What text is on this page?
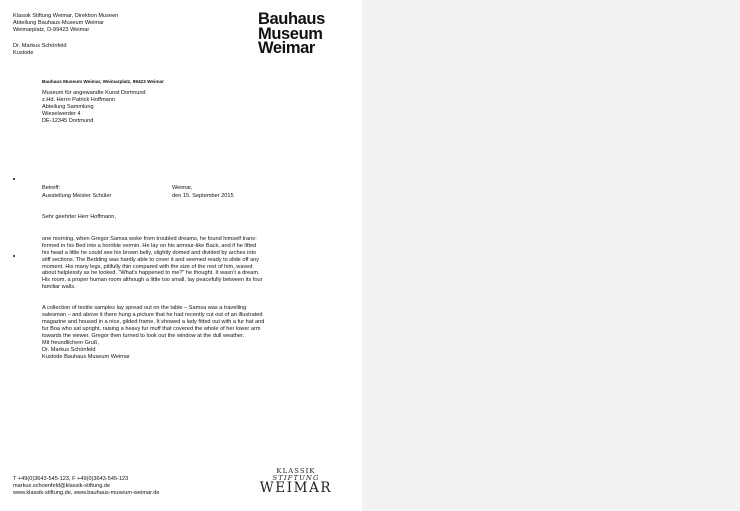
Klassik Stiftung Weimar, Direktion Museen
Abteilung Bauhaus-Museum Weimar
Weimarplatz, D-99423 Weimar
Dr. Markus Schönfeld
Kustode
Bauhaus
Museum
Weimar
Bauhaus Museum Weimar, Weimarplatz, 99423 Weimar
Museum für angewandte Kunst Dortmund
z.Hd. Herrn Patrick Hoffmann
Abteilung Sammlung
Wieselwerder 4
DE-12345 Dortmund
Betreff:
Ausstellung Meister Schüler
Weimar,
den 15. September 2015
Sehr geehrter Herr Hoffmann,

one morning, when Gregor Samsa woke from troubled dreams, he found himself trans-
formed in his Bed into a horrible vermin. He lay on his armour-like Back, and if he lifted
his head a little he could see his brown belly, slightly domed and divided by arches into
stiff sections. The Bedding was hardly able to cover it and seemed ready to slide off any
moment. His many legs, pitifully thin compared with the size of the rest of him, waved
about helplessly as he looked. “What’s happened to me?” he thought. It wasn’t a dream.
His room, a proper human room although a little too small, lay peacefully between its four
familiar walls.

A collection of textile samples lay spread out on the table – Samsa was a travelling
salesman – and above it there hung a picture that he had recently cut out of an illustrated
magazine and housed in a nice, gilded frame. It showed a lady fitted out with a fur hat and
fur Boa who sat upright, raising a heavy fur muff that covered the whole of her lower arm
towards the viewer. Gregor then turned to look out the window at the dull weather.

Mit freundlichem Gruß,
Dr. Markus Schönfeld
Kustode Bauhaus Museum Weimar
T +49(0)3643-545-123, F +49(0)3643-545-123
markus.schoenfeld@klassik-stiftung.de
www.klassik-stiftung.de, www.bauhaus-museum-weimar.de
KLASSIK
STIFTUNG
WEIMAR
